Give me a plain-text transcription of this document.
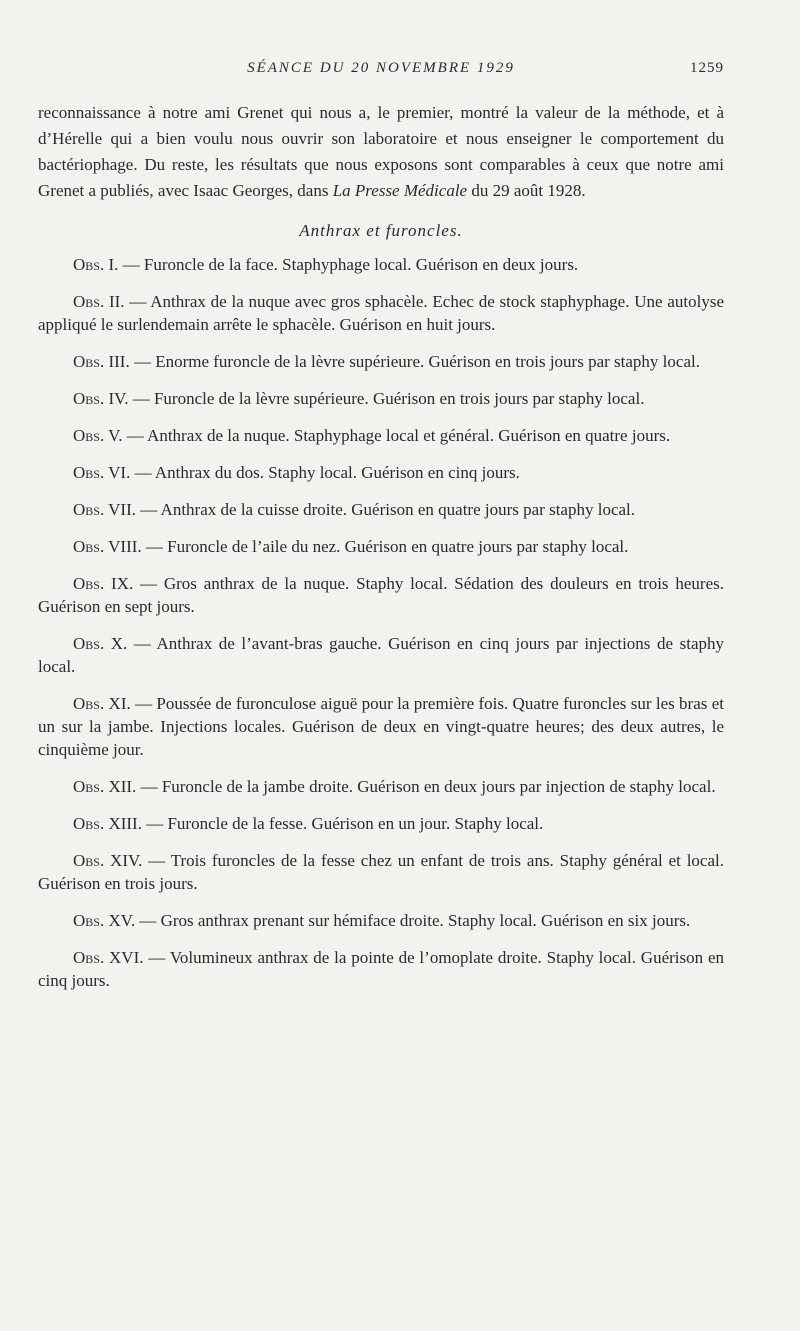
SÉANCE DU 20 NOVEMBRE 1929	1259

reconnaissance à notre ami Grenet qui nous a, le premier, montré la valeur de la méthode, et à d’Hérelle qui a bien voulu nous ouvrir son laboratoire et nous enseigner le comportement du bactériophage. Du reste, les résultats que nous exposons sont comparables à ceux que notre ami Grenet a publiés, avec Isaac Georges, dans La Presse Médicale du 29 août 1928.

Anthrax et furoncles.

Obs. I. — Furoncle de la face. Staphyphage local. Guérison en deux jours.

Obs. II. — Anthrax de la nuque avec gros sphacèle. Echec de stock staphyphage. Une autolyse appliqué le surlendemain arrête le sphacèle. Guérison en huit jours.

Obs. III. — Enorme furoncle de la lèvre supérieure. Guérison en trois jours par staphy local.

Obs. IV. — Furoncle de la lèvre supérieure. Guérison en trois jours par staphy local.

Obs. V. — Anthrax de la nuque. Staphyphage local et général. Guérison en quatre jours.

Obs. VI. — Anthrax du dos. Staphy local. Guérison en cinq jours.

Obs. VII. — Anthrax de la cuisse droite. Guérison en quatre jours par staphy local.

Obs. VIII. — Furoncle de l’aile du nez. Guérison en quatre jours par staphy local.

Obs. IX. — Gros anthrax de la nuque. Staphy local. Sédation des douleurs en trois heures. Guérison en sept jours.

Obs. X. — Anthrax de l’avant-bras gauche. Guérison en cinq jours par injections de staphy local.

Obs. XI. — Poussée de furonculose aiguë pour la première fois. Quatre furoncles sur les bras et un sur la jambe. Injections locales. Guérison de deux en vingt-quatre heures; des deux autres, le cinquième jour.

Obs. XII. — Furoncle de la jambe droite. Guérison en deux jours par injection de staphy local.

Obs. XIII. — Furoncle de la fesse. Guérison en un jour. Staphy local.

Obs. XIV. — Trois furoncles de la fesse chez un enfant de trois ans. Staphy général et local. Guérison en trois jours.

Obs. XV. — Gros anthrax prenant sur hémiface droite. Staphy local. Guérison en six jours.

Obs. XVI. — Volumineux anthrax de la pointe de l’omoplate droite. Staphy local. Guérison en cinq jours.
